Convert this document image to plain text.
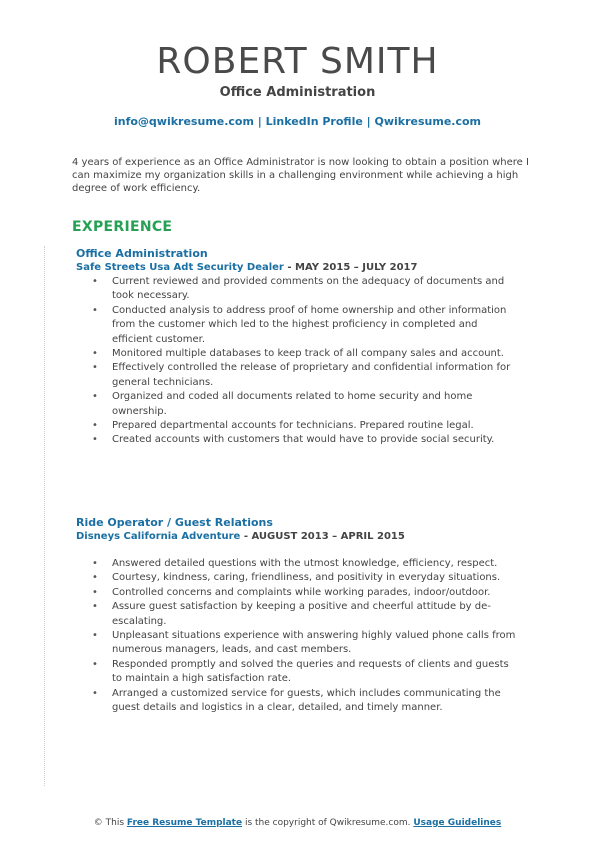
ROBERT SMITH
Office Administration
info@qwikresume.com | LinkedIn Profile | Qwikresume.com
4 years of experience as an Office Administrator is now looking to obtain a position where I can maximize my organization skills in a challenging environment while achieving a high degree of work efficiency.
EXPERIENCE
Office Administration
Safe Streets Usa Adt Security Dealer - MAY 2015 – JULY 2017
• Current reviewed and provided comments on the adequacy of documents and took necessary.
• Conducted analysis to address proof of home ownership and other information from the customer which led to the highest proficiency in completed and efficient customer.
• Monitored multiple databases to keep track of all company sales and account.
• Effectively controlled the release of proprietary and confidential information for general technicians.
• Organized and coded all documents related to home security and home ownership.
• Prepared departmental accounts for technicians. Prepared routine legal.
• Created accounts with customers that would have to provide social security.
Ride Operator / Guest Relations
Disneys California Adventure - AUGUST 2013 – APRIL 2015
• Answered detailed questions with the utmost knowledge, efficiency, respect.
• Courtesy, kindness, caring, friendliness, and positivity in everyday situations.
• Controlled concerns and complaints while working parades, indoor/outdoor.
• Assure guest satisfaction by keeping a positive and cheerful attitude by de-escalating.
• Unpleasant situations experience with answering highly valued phone calls from numerous managers, leads, and cast members.
• Responded promptly and solved the queries and requests of clients and guests to maintain a high satisfaction rate.
• Arranged a customized service for guests, which includes communicating the guest details and logistics in a clear, detailed, and timely manner.
© This Free Resume Template is the copyright of Qwikresume.com. Usage Guidelines
